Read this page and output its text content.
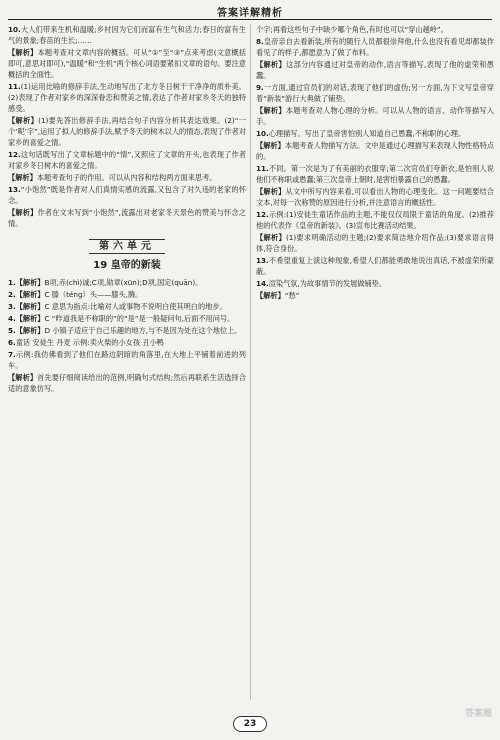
答案详解精析
10.大人们带来生机和温暖;乡村因为它们而富有生气和活力;春日的富有生气的景象;春苗的生长;……
【解析】本题考查对文章内容的概括。可从“①”至“③”点来考虑(文意概括即可,意思对即可),“温暖”和“生机”两个核心词语要紧扣文章的语句。要注意概括的全面性。
11.(1)运用比喻的修辞手法,生动地写出了北方冬日树干干净净的质朴美。(2)表现了作者对家乡的深深眷恋和赞美之情,表达了作者对家乡冬天的独特感受。
【解析】(1)要先答出修辞手法,再结合句子内容分析其表达效果。(2)“一个‘呢’字”,运用了拟人的修辞手法,赋予冬天的树木以人的情态,表现了作者对家乡的喜爱之情。
12.这句话既写出了文章标题中的“情”,又照应了文章的开头,也表现了作者对家乡冬日树木的喜爱之情。
【解析】本题考查句子的作用。可以从内容和结构两方面来思考。
13.“小饱然”既是作者对人们真情实感的流露,又包含了对久违的老家的怀念。
【解析】作者在文末写到“小饱然”,流露出对老家冬天景色的赞美与怀念之情。
第六单元
19 皇帝的新装
1.【解析】B项,赤(chì)诚;C项,勋章(xūn);D项,国定(quān)。
2.【解析】C 滕（téng）头——膝头,腾。
3.【解析】C 意思为指点:比喻对人或事物不说明白使其明白的地步。
4.【解析】C “昨道我是不称职的”的“是”是一般疑问句,后面不用问号。
5.【解析】D 小镇子适应于自己乐趣的地方,与不是因为处在这个地位上。
6.童话 安徒生 丹麦 示例:卖火柴的小女孩 丑小鸭
7.示例:我仿佛看到了他们在路边阴暗的角落里,在大地上平铺着前进的列车。
【解析】首先要仔细阅读给出的范例,明确句式结构;然后再联系生活选择合适的意象仿写。
个字;再看这些句子中缺少哪个角色,有时也可以“穿山越岭”。
8.皇帝亲自去看新装,所有的随行人员都很崇拜他,什么也没有看见却都装作看见了的样子,都愿意为了做了布料。
【解析】这部分内容通过对皇帝的动作,语言等描写,表现了他的虚荣和愚蠢。
9.一方面,通过官员们的对话,表现了他们的虚伪;另一方面,为下文写皇帝穿着“新装”游行大典做了铺垫。
【解析】本题考查对人物心理的分析。可以从人物的语言、动作等描写入手。
10.心理描写。写出了皇帝害怕别人知道自己愚蠢,不称职的心理。
【解析】本题考查人物描写方法。文中是通过心理描写来表现人物性格特点的。
11.不同。第一次是为了有美丽的衣服穿;第二次官员们夸新衣,是怕别人说他们不称职或愚蠢;第三次皇帝上朝时,是害怕暴露自己的愚蠢。
【解析】从文中所写内容来看,可以看出人物的心理变化。这一问题要结合文本,对每一次称赞的原因进行分析,并注意语言的概括性。
12.示例:(1)安徒生童话作品的主题,不能仅仅局限于童话的角度。(2)推荐他的代表作《皇帝的新装》。(3)宣布比赛活动结果。
【解析】(1)要求明确活动的主题;(2)要求简洁地介绍作品;(3)要求语言得体,符合身份。
13.不希望重复上演这种现象,希望人们都能勇敢地说出真话,不被虚荣所蒙蔽。
14.渲染气氛,为故事情节的发展做铺垫。
【解析】“愁”
23
答案圈
